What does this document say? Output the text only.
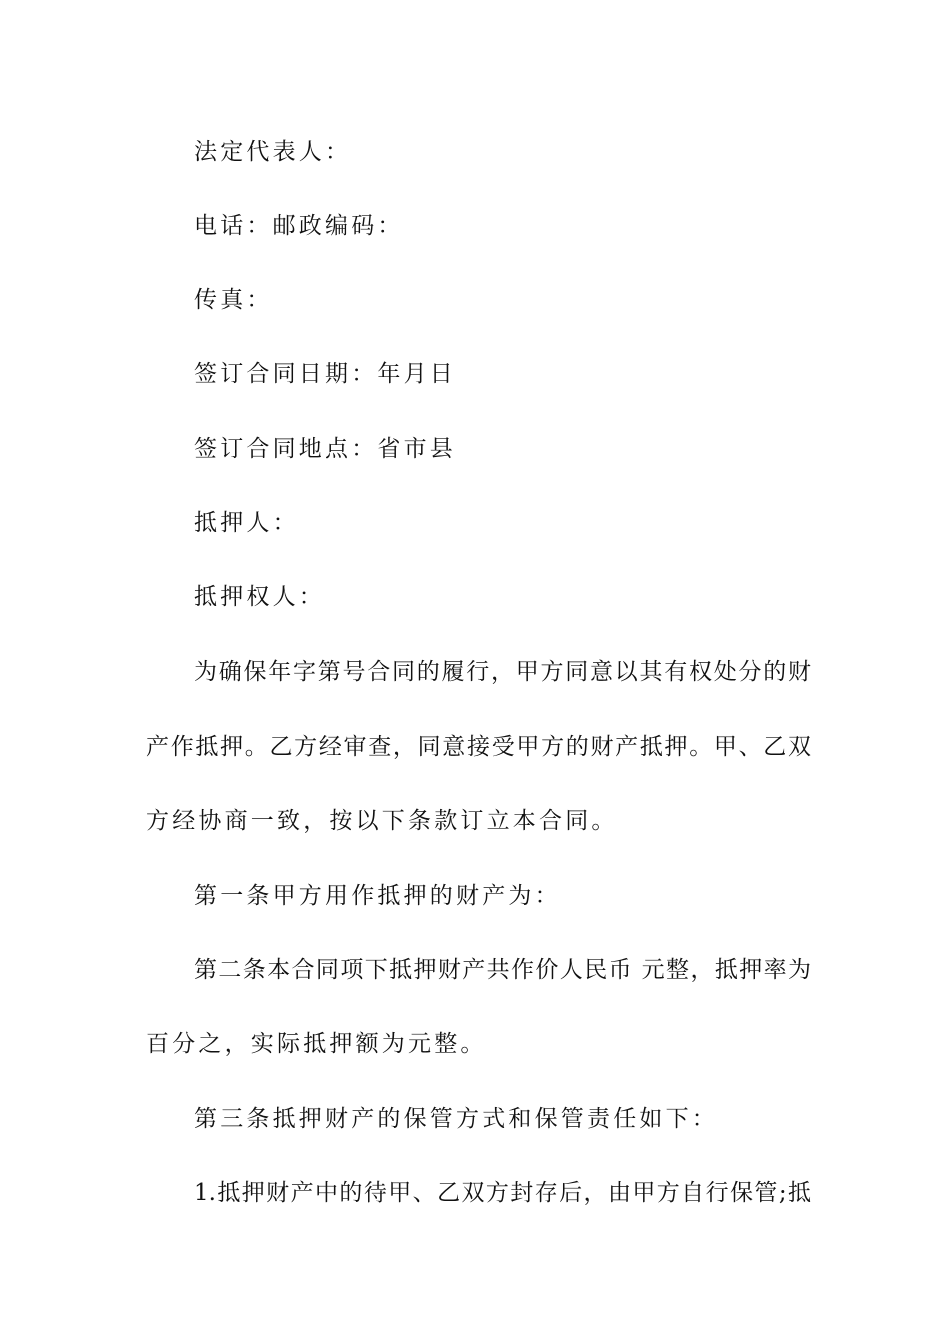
法定代表人：
电话：邮政编码：
传真：
签订合同日期：年月日
签订合同地点：省市县
抵押人：
抵押权人：
为确保年字第号合同的履行，甲方同意以其有权处分的财
产作抵押。乙方经审查，同意接受甲方的财产抵押。甲、乙双
方经协商一致，按以下条款订立本合同。
第一条甲方用作抵押的财产为：
第二条本合同项下抵押财产共作价人民币 元整，抵押率为
百分之，实际抵押额为元整。
第三条抵押财产的保管方式和保管责任如下：
1.抵押财产中的待甲、乙双方封存后，由甲方自行保管;抵
